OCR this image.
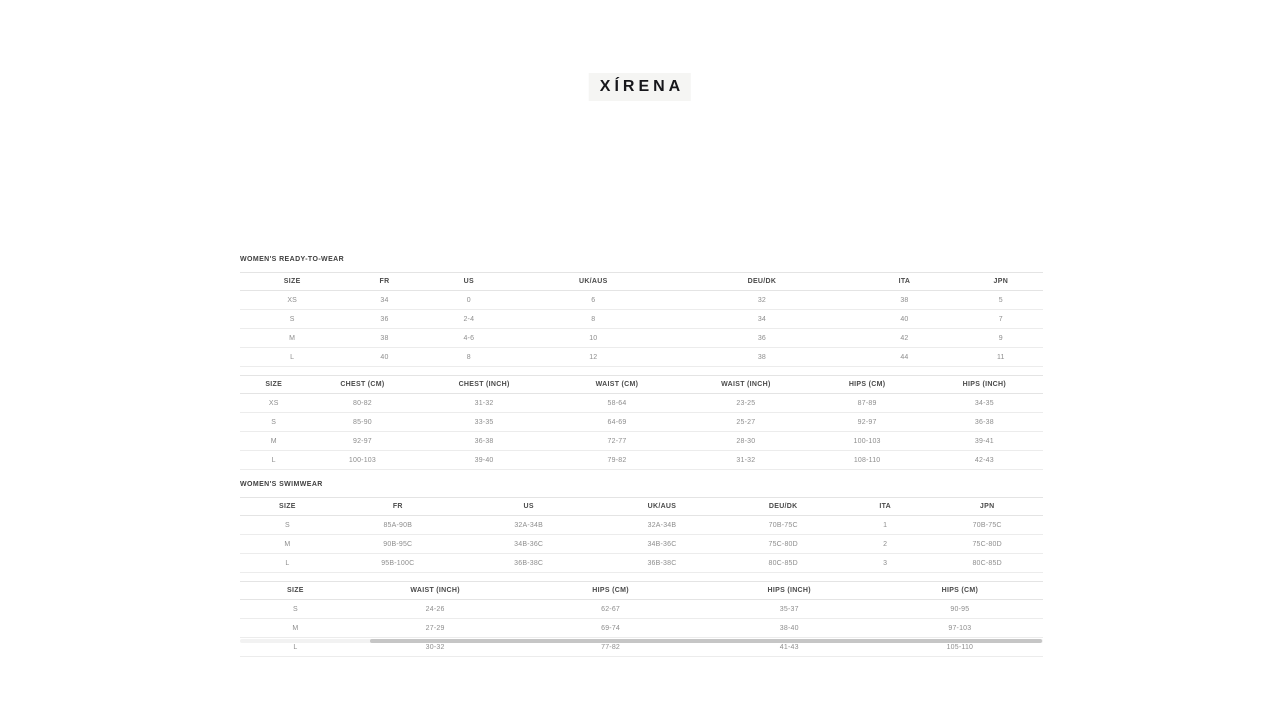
XÍRENA
WOMEN'S READY-TO-WEAR
SIZE	FR	US	UK/AUS	DEU/DK	ITA	JPN
XS	34	0	6	32	38	5
S	36	2-4	8	34	40	7
M	38	4-6	10	36	42	9
L	40	8	12	38	44	11
SIZE	CHEST (CM)	CHEST (INCH)	WAIST (CM)	WAIST (INCH)	HIPS (CM)	HIPS (INCH)
XS	80-82	31-32	58-64	23-25	87-89	34-35
S	85-90	33-35	64-69	25-27	92-97	36-38
M	92-97	36-38	72-77	28-30	100-103	39-41
L	100-103	39-40	79-82	31-32	108-110	42-43
WOMEN'S SWIMWEAR
SIZE	FR	US	UK/AUS	DEU/DK	ITA	JPN
S	85A-90B	32A-34B	32A-34B	70B-75C	1	70B-75C
M	90B-95C	34B-36C	34B-36C	75C-80D	2	75C-80D
L	95B-100C	36B-38C	36B-38C	80C-85D	3	80C-85D
SIZE	WAIST (INCH)	HIPS (CM)	HIPS (INCH)	HIPS (CM)
S	24-26	62-67	35-37	90-95
M	27-29	69-74	38-40	97-103
L	30-32	77-82	41-43	105-110
